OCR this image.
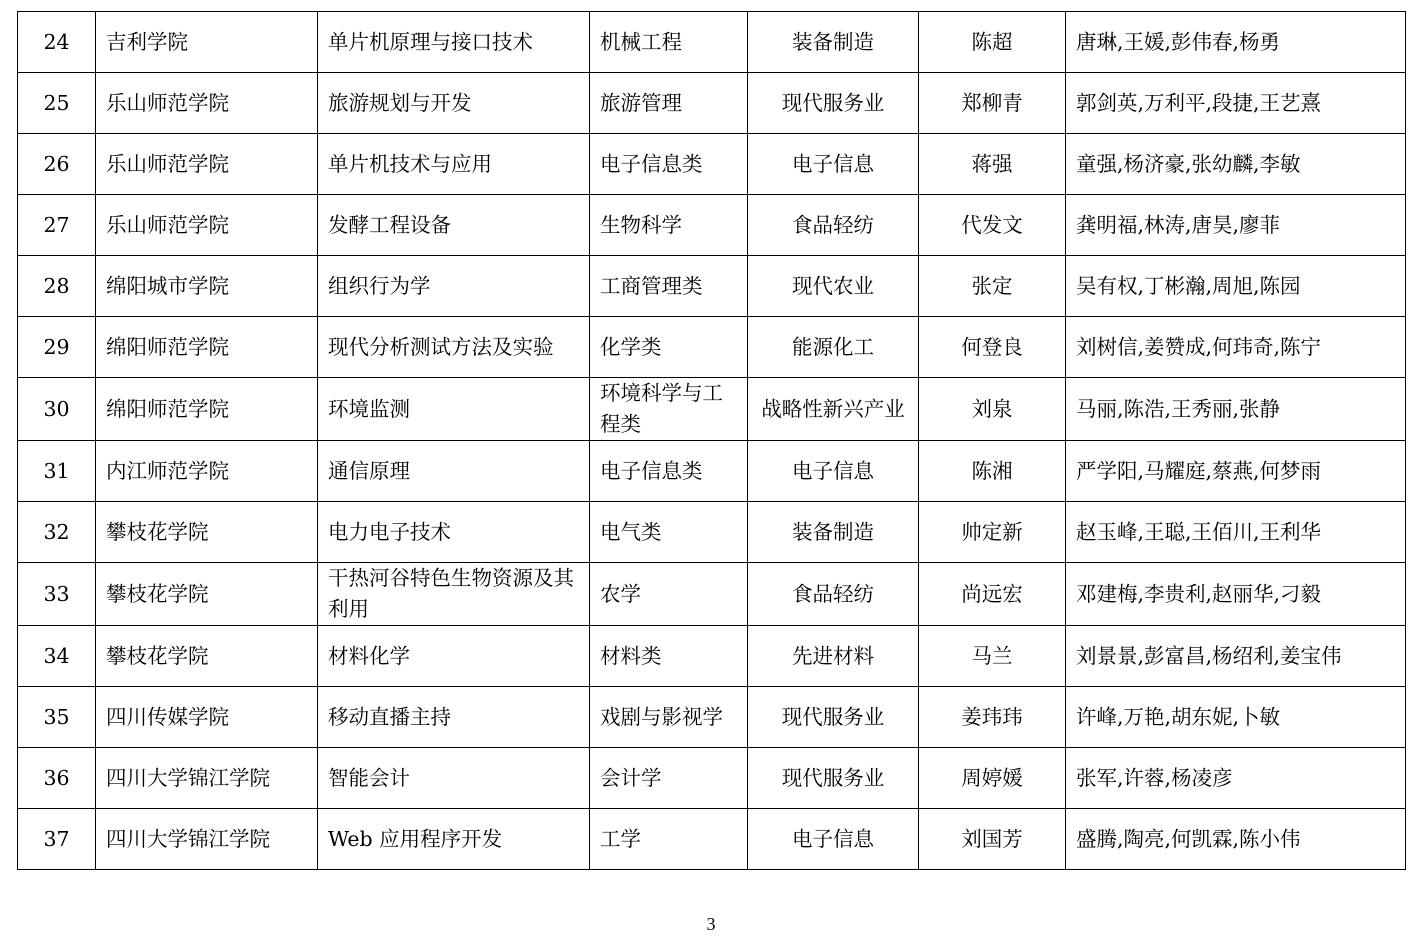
24	吉利学院	单片机原理与接口技术	机械工程	装备制造	陈超	唐琳,王媛,彭伟春,杨勇
25	乐山师范学院	旅游规划与开发	旅游管理	现代服务业	郑柳青	郭剑英,万利平,段捷,王艺熹
26	乐山师范学院	单片机技术与应用	电子信息类	电子信息	蒋强	童强,杨济豪,张幼麟,李敏
27	乐山师范学院	发酵工程设备	生物科学	食品轻纺	代发文	龚明福,林涛,唐昊,廖菲
28	绵阳城市学院	组织行为学	工商管理类	现代农业	张定	吴有权,丁彬瀚,周旭,陈园
29	绵阳师范学院	现代分析测试方法及实验	化学类	能源化工	何登良	刘树信,姜赞成,何玮奇,陈宁
30	绵阳师范学院	环境监测	环境科学与工程类	战略性新兴产业	刘泉	马丽,陈浩,王秀丽,张静
31	内江师范学院	通信原理	电子信息类	电子信息	陈湘	严学阳,马耀庭,蔡燕,何梦雨
32	攀枝花学院	电力电子技术	电气类	装备制造	帅定新	赵玉峰,王聪,王佰川,王利华
33	攀枝花学院	干热河谷特色生物资源及其利用	农学	食品轻纺	尚远宏	邓建梅,李贵利,赵丽华,刁毅
34	攀枝花学院	材料化学	材料类	先进材料	马兰	刘景景,彭富昌,杨绍利,姜宝伟
35	四川传媒学院	移动直播主持	戏剧与影视学	现代服务业	姜玮玮	许峰,万艳,胡东妮,卜敏
36	四川大学锦江学院	智能会计	会计学	现代服务业	周婷媛	张军,许蓉,杨凌彦
37	四川大学锦江学院	Web 应用程序开发	工学	电子信息	刘国芳	盛腾,陶亮,何凯霖,陈小伟
3
